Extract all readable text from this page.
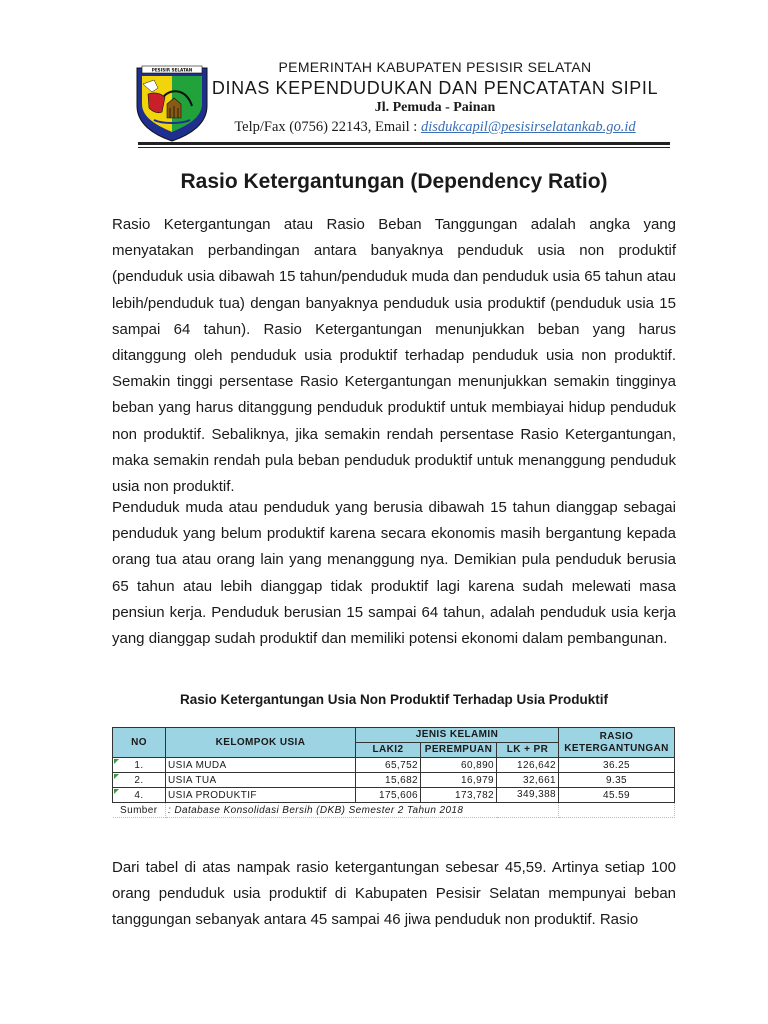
PESISIR SELATAN	PEMERINTAH KABUPATEN PESISIR SELATAN
DINAS KEPENDUDUKAN DAN PENCATATAN SIPIL
Jl. Pemuda - Painan
Telp/Fax (0756) 22143, Email : disdukcapil@pesisirselatankab.go.id
Rasio Ketergantungan (Dependency Ratio)

Rasio Ketergantungan atau Rasio Beban Tanggungan adalah angka yang menyatakan perbandingan antara banyaknya penduduk usia non produktif (penduduk usia dibawah 15 tahun/penduduk muda dan penduduk usia 65 tahun atau lebih/penduduk tua) dengan banyaknya penduduk usia produktif (penduduk usia 15 sampai 64 tahun). Rasio Ketergantungan menunjukkan beban yang harus ditanggung oleh penduduk usia produktif terhadap penduduk usia non produktif. Semakin tinggi persentase Rasio Ketergantungan menunjukkan semakin tingginya beban yang harus ditanggung penduduk produktif untuk membiayai hidup penduduk non produktif. Sebaliknya, jika semakin rendah persentase Rasio Ketergantungan, maka semakin rendah pula beban penduduk produktif untuk menanggung penduduk usia non produktif.

Penduduk muda atau penduduk yang berusia dibawah 15 tahun dianggap sebagai penduduk yang belum produktif karena secara ekonomis masih bergantung kepada orang tua atau orang lain yang menanggung nya. Demikian pula penduduk berusia 65 tahun atau lebih dianggap tidak produktif lagi karena sudah melewati masa pensiun kerja. Penduduk berusian 15 sampai 64 tahun, adalah penduduk usia kerja yang dianggap sudah produktif dan memiliki potensi ekonomi dalam pembangunan.

Rasio Ketergantungan Usia Non Produktif Terhadap Usia Produktif
NO	KELOMPOK USIA	JENIS KELAMIN			RASIO
KETERGANTUNGAN
		LAKI2	PEREMPUAN	LK + PR	

1.	USIA MUDA	65,752	60,890	126,642	36.25

2.	USIA TUA	15,682	16,979	32,661	9.35

4.	USIA PRODUKTIF	175,606	173,782	349,388	45.59
Sumber	: Database Konsolidasi Bersih (DKB) Semester 2 Tahun 2018				

Dari tabel di atas nampak rasio ketergantungan sebesar 45,59. Artinya setiap 100 orang penduduk usia produktif di Kabupaten Pesisir Selatan mempunyai beban tanggungan sebanyak antara 45 sampai 46 jiwa penduduk non produktif. Rasio
